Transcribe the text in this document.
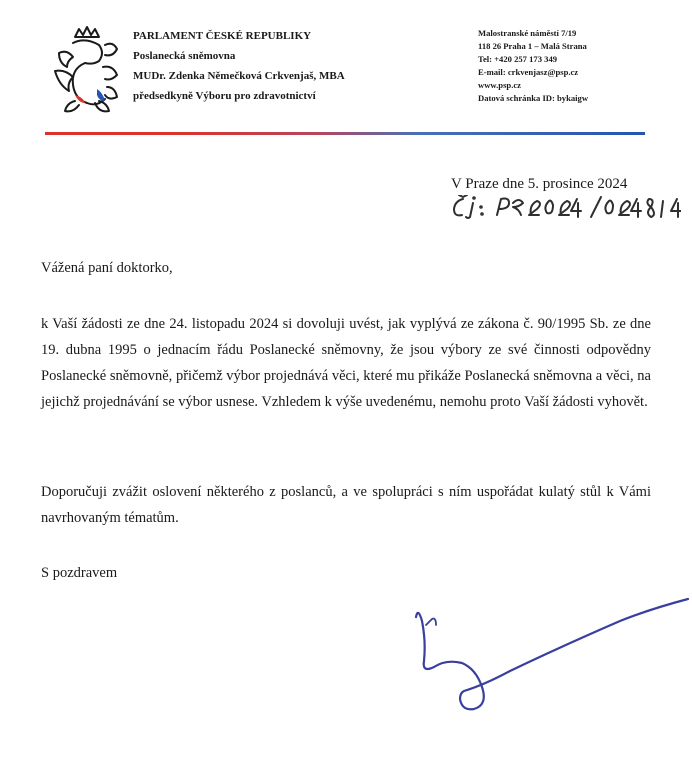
PARLAMENT ČESKÉ REPUBLIKY
Poslanecká sněmovna
MUDr. Zdenka Němečková Crkvenjaš, MBA
předsedkyně Výboru pro zdravotnictví
Malostranské náměstí 7/19
118 26 Praha 1 – Malá Strana
Tel: +420 257 173 349
E-mail: crkvenjasz@psp.cz
www.psp.cz
Datová schránka ID: bykaigw
V Praze dne 5. prosince 2024
Vážená paní doktorko,
k Vaší žádosti ze dne 24. listopadu 2024 si dovoluji uvést, jak vyplývá ze zákona č. 90/1995 Sb. ze dne 19. dubna 1995 o jednacím řádu Poslanecké sněmovny, že jsou výbory ze své činnosti odpovědny Poslanecké sněmovně, přičemž výbor projednává věci, které mu přikáže Poslanecká sněmovna a věci, na jejichž projednávání se výbor usnese. Vzhledem k výše uvedenému, nemohu proto Vaší žádosti vyhovět.
Doporučuji zvážit oslovení některého z poslanců, a ve spolupráci s ním uspořádat kulatý stůl k Vámi navrhovaným tématům.
S pozdravem
